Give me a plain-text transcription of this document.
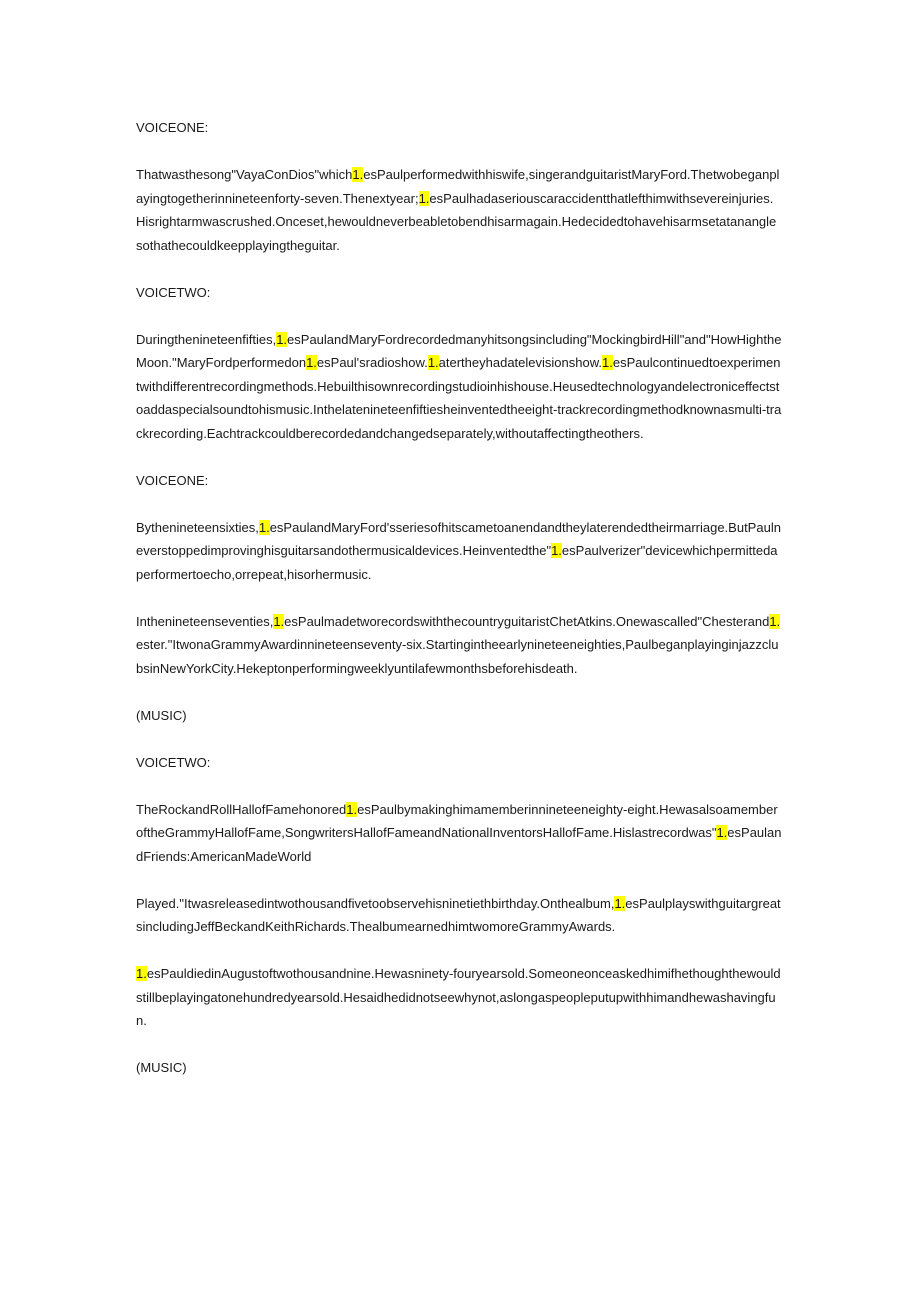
VOICEONE:

Thatwasthesong"VayaConDios"which1.esPaulperformedwithhiswife,singerandguitaristMaryFord.Thetwobeganplayingtogetherinnineteenforty-seven.Thenextyear;1.esPaulhadaseriouscaraccidentthatlefthimwithsevereinjuries.Hisrightarmwascrushed.Onceset,hewouldneverbeabletobendhisarmagain.Hedecidedtohavehisarmsetatananglesothathecouldkeepplayingtheguitar.

VOICETWO:

Duringthenineteenfifties,1.esPaulandMaryFordrecordedmanyhitsongsincluding"MockingbirdHill"and"HowHightheMoon."MaryFordperformedon1.esPaul'sradioshow.1.atertheyhadatelevisionshow.1.esPaulcontinuedtoexperimentwithdifferentrecordingmethods.Hebuilthisownrecordingstudioinhishouse.Heusedtechnologyandelectroniceffectstoaddaspecialsoundtohismusic.Inthelatenineteenfiftiesheinventedtheeight-trackrecordingmethodknownasmulti-trackrecording.Eachtrackcouldberecordedandchangedseparately,withoutaffectingtheothers.

VOICEONE:

Bythenineteensixties,1.esPaulandMaryFord'sseriesofhitscametoanendandtheylaterendedtheirmarriage.ButPaulneverstoppedimprovinghisguitarsandothermusicaldevices.Heinventedthe"1.esPaulverizer"devicewhichpermittedaperformertoecho,orrepeat,hisorhermusic.

Inthenineteenseventies,1.esPaulmadetworecordswiththecountryguitaristChetAtkins.Onewascalled"Chesterand1.ester."ItwonaGrammyAwardinnineteenseventy-six.Startingintheearlynineteeneighties,PaulbeganplayinginjazzclubsinNewYorkCity.Hekeptonperformingweeklyuntilafewmonthsbeforehisdeath.

(MUSIC)

VOICETWO:

TheRockandRollHallofFamehonored1.esPaulbymakinghimamemberinnineteeneighty-eight.HewasalsoamemberoftheGrammyHallofFame,SongwritersHallofFameandNationalInventorsHallofFame.Hislastrecordwas"1.esPaulandFriends:AmericanMadeWorld

Played."Itwasreleasedintwothousandfivetoobservehisninetiethbirthday.Onthealbum,1.esPaulplayswithguitargreatsincludingJeffBeckandKeithRichards.ThealbumearnedhimtwomoreGrammyAwards.

1.esPauldiedinAugustoftwothousandnine.Hewasninety-fouryearsold.Someoneonceaskedhimifhethoughthewouldstillbeplayingatonehundredyearsold.Hesaidhedidnotseewhynot,aslongaspeopleputupwithhimandhewashavingfun.

(MUSIC)
